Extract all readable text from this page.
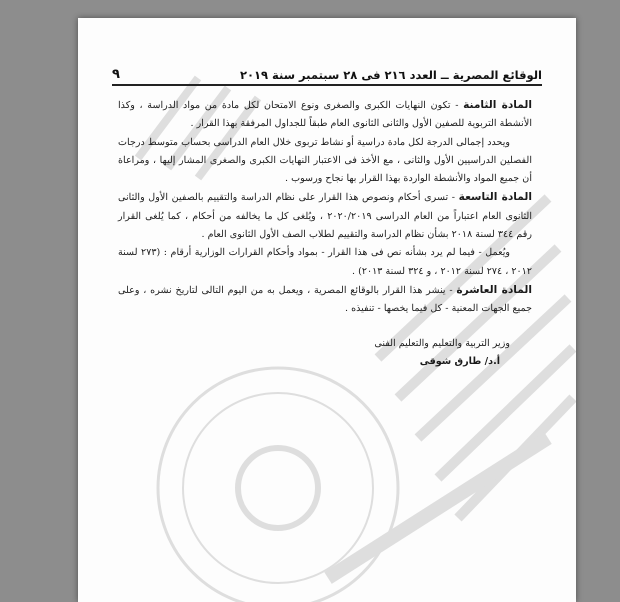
الوقائع المصرية ــ العدد ٢١٦ فى ٢٨ سبتمبر سنة ٢٠١٩
٩

المادة الثامنة - تكون النهايات الكبرى والصغرى ونوع الامتحان لكل مادة من مواد الدراسة ، وكذا الأنشطة التربوية للصفين الأول والثانى الثانوى العام طبقاً للجداول المرفقة بهذا القرار .

ويحدد إجمالى الدرجة لكل مادة دراسية أو نشاط تربوى خلال العام الدراسى بحساب متوسط درجات الفصلين الدراسيين الأول والثانى ، مع الأخذ فى الاعتبار النهايات الكبرى والصغرى المشار إليها ، ومراعاة أن جميع المواد والأنشطة الواردة بهذا القرار بها نجاح ورسوب .

المادة التاسعة - تسرى أحكام ونصوص هذا القرار على نظام الدراسة والتقييم بالصفين الأول والثانى الثانوى العام اعتباراً من العام الدراسى ٢٠٢٠/٢٠١٩ ، ويُلغى كل ما يخالفه من أحكام ، كما يُلغى القرار رقم ٣٤٤ لسنة ٢٠١٨ بشأن نظام الدراسة والتقييم لطلاب الصف الأول الثانوى العام .

ويُعمل - فيما لم يرد بشأنه نص فى هذا القرار - بمواد وأحكام القرارات الوزارية أرقام : (٢٧٣ لسنة ٢٠١٢ ، ٢٧٤ لسنة ٢٠١٢ ، و ٣٢٤ لسنة ٢٠١٣) .

المادة العاشرة - ينشر هذا القرار بالوقائع المصرية ، ويعمل به من اليوم التالى لتاريخ نشره ، وعلى جميع الجهات المعنية - كل فيما يخصها - تنفيذه .

وزير التربية والتعليم والتعليم الفنى
أ.د/ طارق شوقى
